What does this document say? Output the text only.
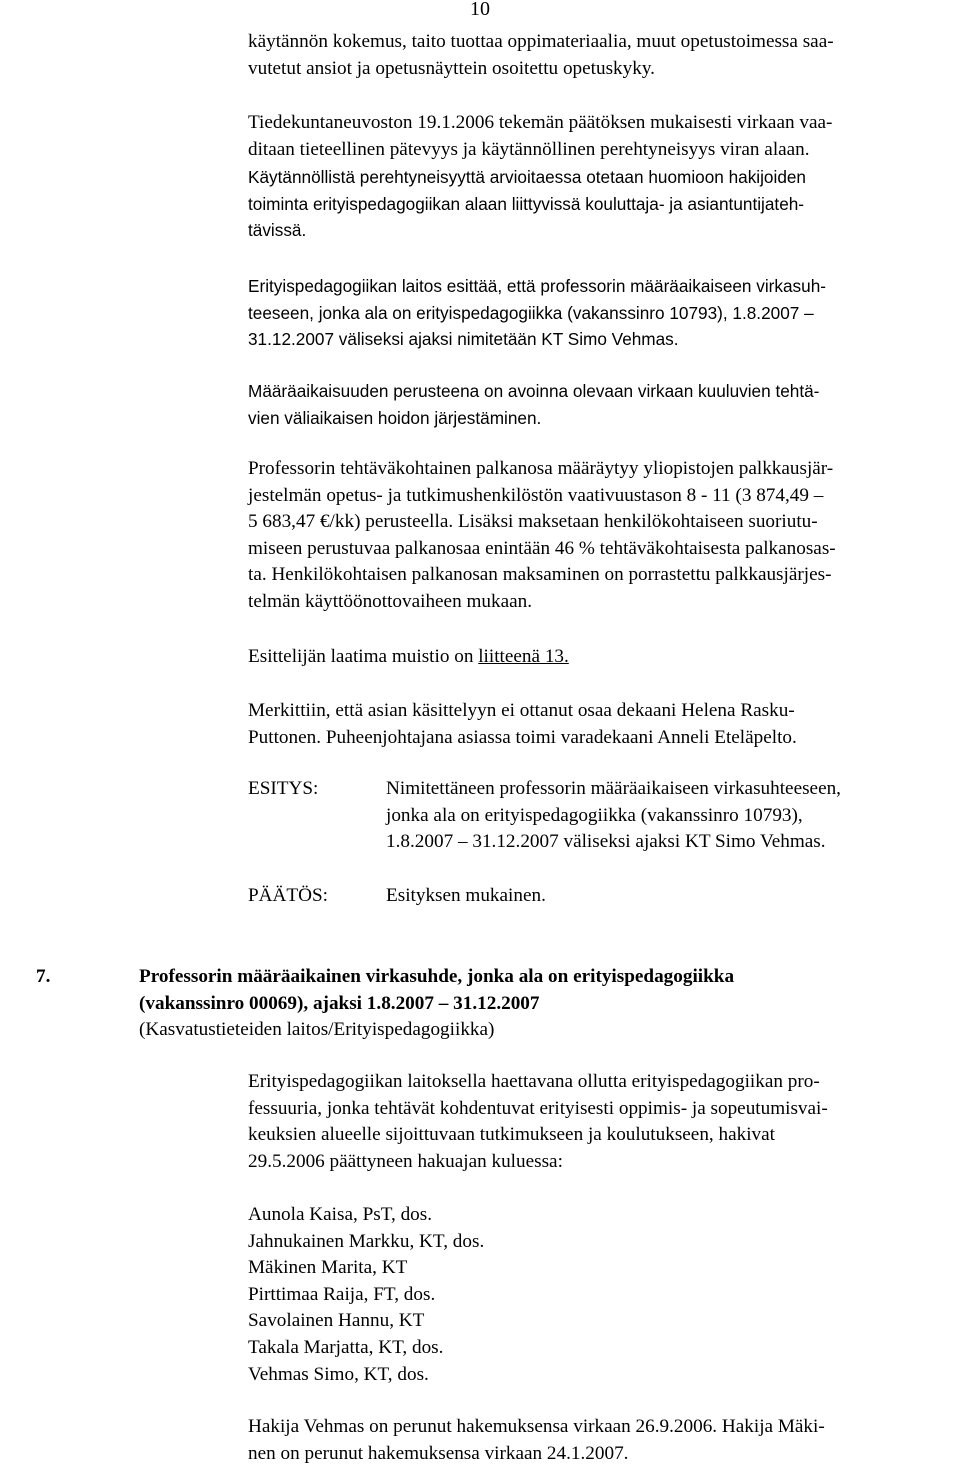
10
käytännön kokemus, taito tuottaa oppimateriaalia, muut opetustoimessa saa-
vutetut ansiot ja opetusnäyttein osoitettu opetuskyky.
Tiedekuntaneuvoston 19.1.2006 tekemän päätöksen mukaisesti virkaan vaa-
ditaan tieteellinen pätevyys ja käytännöllinen perehtyneisyys viran alaan.
Käytännöllistä perehtyneisyyttä arvioitaessa otetaan huomioon hakijoiden
toiminta erityispedagogiikan alaan liittyvissä kouluttaja- ja asiantuntijateh-
tävissä.
Erityispedagogiikan laitos esittää, että professorin määräaikaiseen virkasuh-
teeseen, jonka ala on erityispedagogiikka (vakanssinro 10793), 1.8.2007 –
31.12.2007 väliseksi ajaksi nimitetään KT Simo Vehmas.
Määräaikaisuuden perusteena on avoinna olevaan virkaan kuuluvien tehtä-
vien väliaikaisen hoidon järjestäminen.
Professorin tehtäväkohtainen palkanosa määräytyy yliopistojen palkkausjär-
jestelmän opetus- ja tutkimushenkilöstön vaativuustason 8 - 11 (3 874,49 –
5 683,47 €/kk) perusteella. Lisäksi maksetaan henkilökohtaiseen suoriutu-
miseen perustuvaa palkanosaa enintään 46 % tehtäväkohtaisesta palkanosas-
ta. Henkilökohtaisen palkanosan maksaminen on porrastettu palkkausjärjes-
telmän käyttöönottovaiheen mukaan.
Esittelijän laatima muistio on liitteenä 13.
Merkittiin, että asian käsittelyyn ei ottanut osaa dekaani Helena Rasku-
Puttonen. Puheenjohtajana asiassa toimi varadekaani Anneli Eteläpelto.
ESITYS:	Nimitettäneen professorin määräaikaiseen virkasuhteeseen,
jonka ala on erityispedagogiikka (vakanssinro 10793),
1.8.2007 – 31.12.2007 väliseksi ajaksi KT Simo Vehmas.
PÄÄTÖS:	Esityksen mukainen.
7.	Professorin määräaikainen virkasuhde, jonka ala on erityispedagogiikka
(vakanssinro 00069), ajaksi 1.8.2007 – 31.12.2007
(Kasvatustieteiden laitos/Erityispedagogiikka)
Erityispedagogiikan laitoksella haettavana ollutta erityispedagogiikan pro-
fessuuria, jonka tehtävät kohdentuvat erityisesti oppimis- ja sopeutumisvai-
keuksien alueelle sijoittuvaan tutkimukseen ja koulutukseen, hakivat
29.5.2006 päättyneen hakuajan kuluessa:
Aunola Kaisa, PsT, dos.
Jahnukainen Markku, KT, dos.
Mäkinen Marita, KT
Pirttimaa Raija, FT, dos.
Savolainen Hannu, KT
Takala Marjatta, KT, dos.
Vehmas Simo, KT, dos.
Hakija Vehmas on perunut hakemuksensa virkaan 26.9.2006. Hakija Mäki-
nen on perunut hakemuksensa virkaan 24.1.2007.
